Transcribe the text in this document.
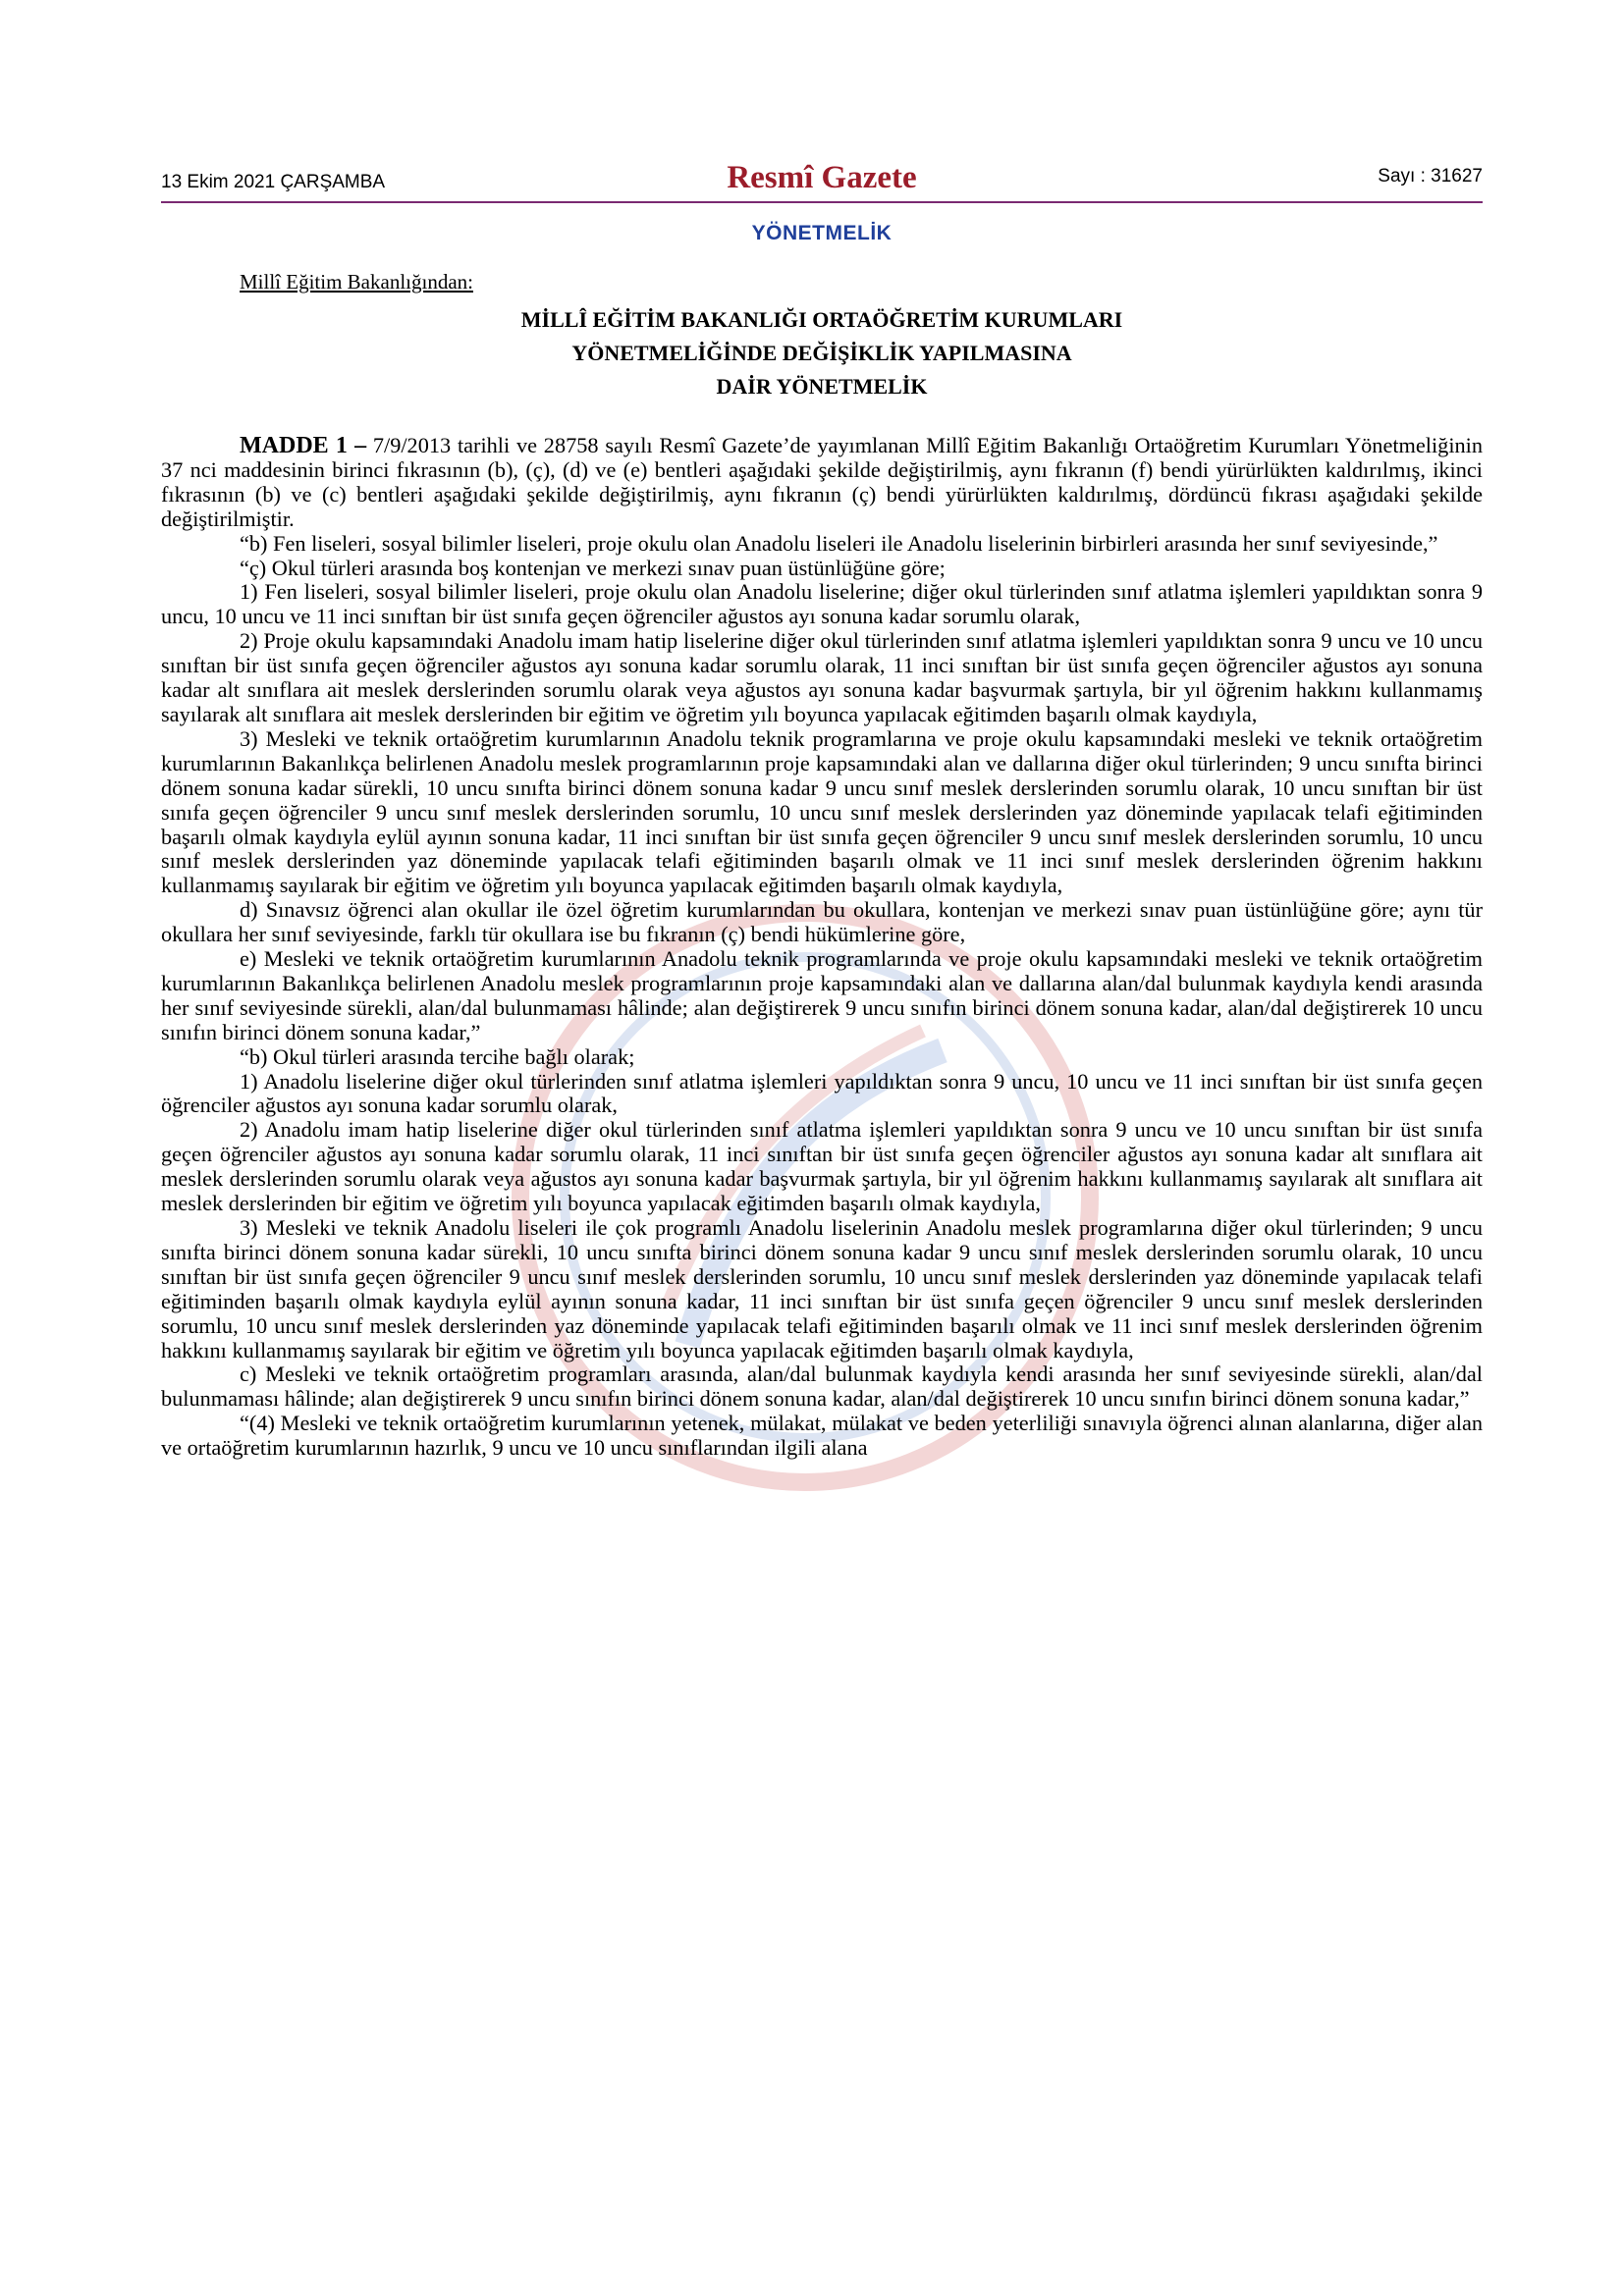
13 Ekim 2021 ÇARŞAMBA	Resmî Gazete	Sayı : 31627
YÖNETMELİK
Millî Eğitim Bakanlığından:
MİLLÎ EĞİTİM BAKANLIĞI ORTAÖĞRETİM KURUMLARI
YÖNETMELİĞİNDE DEĞİŞİKLİK YAPILMASINA
DAİR YÖNETMELİK

MADDE 1 – 7/9/2013 tarihli ve 28758 sayılı Resmî Gazete’de yayımlanan Millî Eğitim Bakanlığı Ortaöğretim Kurumları Yönetmeliğinin 37 nci maddesinin birinci fıkrasının (b), (ç), (d) ve (e) bentleri aşağıdaki şekilde değiştirilmiş, aynı fıkranın (f) bendi yürürlükten kaldırılmış, ikinci fıkrasının (b) ve (c) bentleri aşağıdaki şekilde değiştirilmiş, aynı fıkranın (ç) bendi yürürlükten kaldırılmış, dördüncü fıkrası aşağıdaki şekilde değiştirilmiştir.

“b) Fen liseleri, sosyal bilimler liseleri, proje okulu olan Anadolu liseleri ile Anadolu liselerinin birbirleri arasında her sınıf seviyesinde,”

“ç) Okul türleri arasında boş kontenjan ve merkezi sınav puan üstünlüğüne göre;

1) Fen liseleri, sosyal bilimler liseleri, proje okulu olan Anadolu liselerine; diğer okul türlerinden sınıf atlatma işlemleri yapıldıktan sonra 9 uncu, 10 uncu ve 11 inci sınıftan bir üst sınıfa geçen öğrenciler ağustos ayı sonuna kadar sorumlu olarak,

2) Proje okulu kapsamındaki Anadolu imam hatip liselerine diğer okul türlerinden sınıf atlatma işlemleri yapıldıktan sonra 9 uncu ve 10 uncu sınıftan bir üst sınıfa geçen öğrenciler ağustos ayı sonuna kadar sorumlu olarak, 11 inci sınıftan bir üst sınıfa geçen öğrenciler ağustos ayı sonuna kadar alt sınıflara ait meslek derslerinden sorumlu olarak veya ağustos ayı sonuna kadar başvurmak şartıyla, bir yıl öğrenim hakkını kullanmamış sayılarak alt sınıflara ait meslek derslerinden bir eğitim ve öğretim yılı boyunca yapılacak eğitimden başarılı olmak kaydıyla,

3) Mesleki ve teknik ortaöğretim kurumlarının Anadolu teknik programlarına ve proje okulu kapsamındaki mesleki ve teknik ortaöğretim kurumlarının Bakanlıkça belirlenen Anadolu meslek programlarının proje kapsamındaki alan ve dallarına diğer okul türlerinden; 9 uncu sınıfta birinci dönem sonuna kadar sürekli, 10 uncu sınıfta birinci dönem sonuna kadar 9 uncu sınıf meslek derslerinden sorumlu olarak, 10 uncu sınıftan bir üst sınıfa geçen öğrenciler 9 uncu sınıf meslek derslerinden sorumlu, 10 uncu sınıf meslek derslerinden yaz döneminde yapılacak telafi eğitiminden başarılı olmak kaydıyla eylül ayının sonuna kadar, 11 inci sınıftan bir üst sınıfa geçen öğrenciler 9 uncu sınıf meslek derslerinden sorumlu, 10 uncu sınıf meslek derslerinden yaz döneminde yapılacak telafi eğitiminden başarılı olmak ve 11 inci sınıf meslek derslerinden öğrenim hakkını kullanmamış sayılarak bir eğitim ve öğretim yılı boyunca yapılacak eğitimden başarılı olmak kaydıyla,

d) Sınavsız öğrenci alan okullar ile özel öğretim kurumlarından bu okullara, kontenjan ve merkezi sınav puan üstünlüğüne göre; aynı tür okullara her sınıf seviyesinde, farklı tür okullara ise bu fıkranın (ç) bendi hükümlerine göre,

e) Mesleki ve teknik ortaöğretim kurumlarının Anadolu teknik programlarında ve proje okulu kapsamındaki mesleki ve teknik ortaöğretim kurumlarının Bakanlıkça belirlenen Anadolu meslek programlarının proje kapsamındaki alan ve dallarına alan/dal bulunmak kaydıyla kendi arasında her sınıf seviyesinde sürekli, alan/dal bulunmaması hâlinde; alan değiştirerek 9 uncu sınıfın birinci dönem sonuna kadar, alan/dal değiştirerek 10 uncu sınıfın birinci dönem sonuna kadar,”

“b) Okul türleri arasında tercihe bağlı olarak;

1) Anadolu liselerine diğer okul türlerinden sınıf atlatma işlemleri yapıldıktan sonra 9 uncu, 10 uncu ve 11 inci sınıftan bir üst sınıfa geçen öğrenciler ağustos ayı sonuna kadar sorumlu olarak,

2) Anadolu imam hatip liselerine diğer okul türlerinden sınıf atlatma işlemleri yapıldıktan sonra 9 uncu ve 10 uncu sınıftan bir üst sınıfa geçen öğrenciler ağustos ayı sonuna kadar sorumlu olarak, 11 inci sınıftan bir üst sınıfa geçen öğrenciler ağustos ayı sonuna kadar alt sınıflara ait meslek derslerinden sorumlu olarak veya ağustos ayı sonuna kadar başvurmak şartıyla, bir yıl öğrenim hakkını kullanmamış sayılarak alt sınıflara ait meslek derslerinden bir eğitim ve öğretim yılı boyunca yapılacak eğitimden başarılı olmak kaydıyla,

3) Mesleki ve teknik Anadolu liseleri ile çok programlı Anadolu liselerinin Anadolu meslek programlarına diğer okul türlerinden; 9 uncu sınıfta birinci dönem sonuna kadar sürekli, 10 uncu sınıfta birinci dönem sonuna kadar 9 uncu sınıf meslek derslerinden sorumlu olarak, 10 uncu sınıftan bir üst sınıfa geçen öğrenciler 9 uncu sınıf meslek derslerinden sorumlu, 10 uncu sınıf meslek derslerinden yaz döneminde yapılacak telafi eğitiminden başarılı olmak kaydıyla eylül ayının sonuna kadar, 11 inci sınıftan bir üst sınıfa geçen öğrenciler 9 uncu sınıf meslek derslerinden sorumlu, 10 uncu sınıf meslek derslerinden yaz döneminde yapılacak telafi eğitiminden başarılı olmak ve 11 inci sınıf meslek derslerinden öğrenim hakkını kullanmamış sayılarak bir eğitim ve öğretim yılı boyunca yapılacak eğitimden başarılı olmak kaydıyla,

c) Mesleki ve teknik ortaöğretim programları arasında, alan/dal bulunmak kaydıyla kendi arasında her sınıf seviyesinde sürekli, alan/dal bulunmaması hâlinde; alan değiştirerek 9 uncu sınıfın birinci dönem sonuna kadar, alan/dal değiştirerek 10 uncu sınıfın birinci dönem sonuna kadar,”

“(4) Mesleki ve teknik ortaöğretim kurumlarının yetenek, mülakat, mülakat ve beden yeterliliği sınavıyla öğrenci alınan alanlarına, diğer alan ve ortaöğretim kurumlarının hazırlık, 9 uncu ve 10 uncu sınıflarından ilgili alana
